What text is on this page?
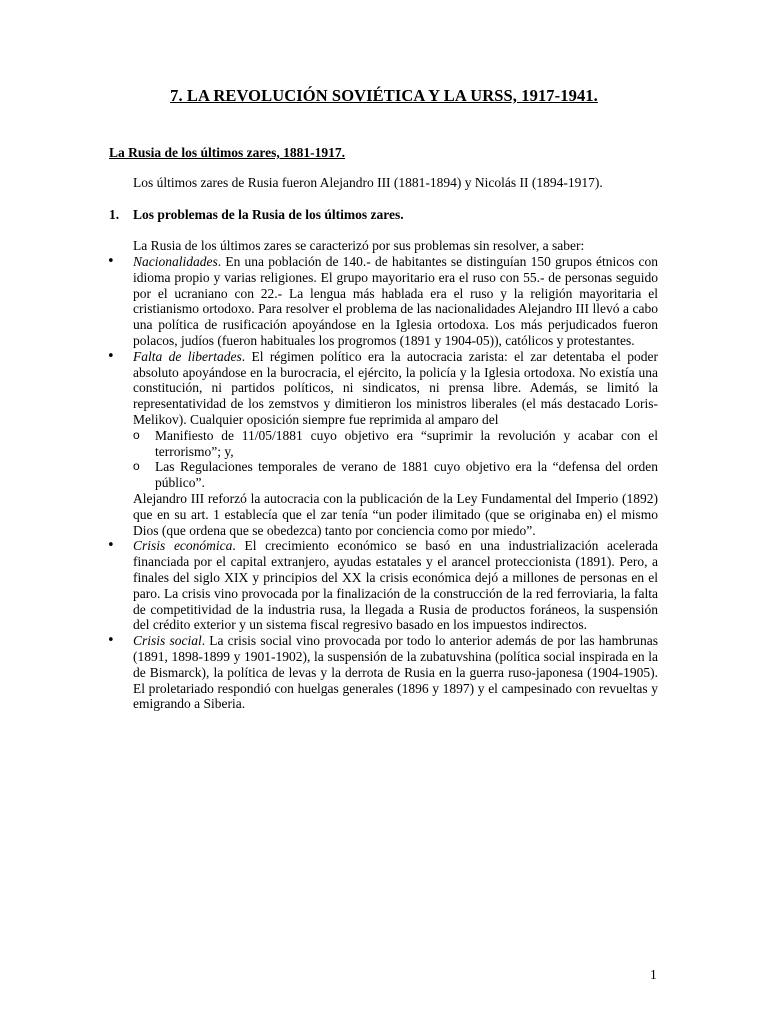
7. LA REVOLUCIÓN SOVIÉTICA Y LA URSS, 1917-1941.
La Rusia de los últimos zares, 1881-1917.
Los últimos zares de Rusia fueron Alejandro III (1881-1894) y Nicolás II (1894-1917).
1. Los problemas de la Rusia de los últimos zares.
La Rusia de los últimos zares se caracterizó por sus problemas sin resolver, a saber:
•	Nacionalidades. En una población de 140.- de habitantes se distinguían 150 grupos étnicos con idioma propio y varias religiones. El grupo mayoritario era el ruso con 55.- de personas seguido por el ucraniano con 22.- La lengua más hablada era el ruso y la religión mayoritaria el cristianismo ortodoxo. Para resolver el problema de las nacionalidades Alejandro III llevó a cabo una política de rusificación apoyándose en la Iglesia ortodoxa. Los más perjudicados fueron polacos, judíos (fueron habituales los progromos (1891 y 1904-05)), católicos y protestantes.
•	Falta de libertades. El régimen político era la autocracia zarista: el zar detentaba el poder absoluto apoyándose en la burocracia, el ejército, la policía y la Iglesia ortodoxa. No existía una constitución, ni partidos políticos, ni sindicatos, ni prensa libre. Además, se limitó la representatividad de los zemstvos y dimitieron los ministros liberales (el más destacado Loris-Melikov). Cualquier oposición siempre fue reprimida al amparo del
o Manifiesto de 11/05/1881 cuyo objetivo era “suprimir la revolución y acabar con el terrorismo”; y,
o Las Regulaciones temporales de verano de 1881 cuyo objetivo era la “defensa del orden público”.
Alejandro III reforzó la autocracia con la publicación de la Ley Fundamental del Imperio (1892) que en su art. 1 establecía que el zar tenía “un poder ilimitado (que se originaba en) el mismo Dios (que ordena que se obedezca) tanto por conciencia como por miedo”.
•	Crisis económica. El crecimiento económico se basó en una industrialización acelerada financiada por el capital extranjero, ayudas estatales y el arancel proteccionista (1891). Pero, a finales del siglo XIX y principios del XX la crisis económica dejó a millones de personas en el paro. La crisis vino provocada por la finalización de la construcción de la red ferroviaria, la falta de competitividad de la industria rusa, la llegada a Rusia de productos foráneos, la suspensión del crédito exterior y un sistema fiscal regresivo basado en los impuestos indirectos.
•	Crisis social. La crisis social vino provocada por todo lo anterior además de por las hambrunas (1891, 1898-1899 y 1901-1902), la suspensión de la zubatuvshina (política social inspirada en la de Bismarck), la política de levas y la derrota de Rusia en la guerra ruso-japonesa (1904-1905). El proletariado respondió con huelgas generales (1896 y 1897) y el campesinado con revueltas y emigrando a Siberia.
1
